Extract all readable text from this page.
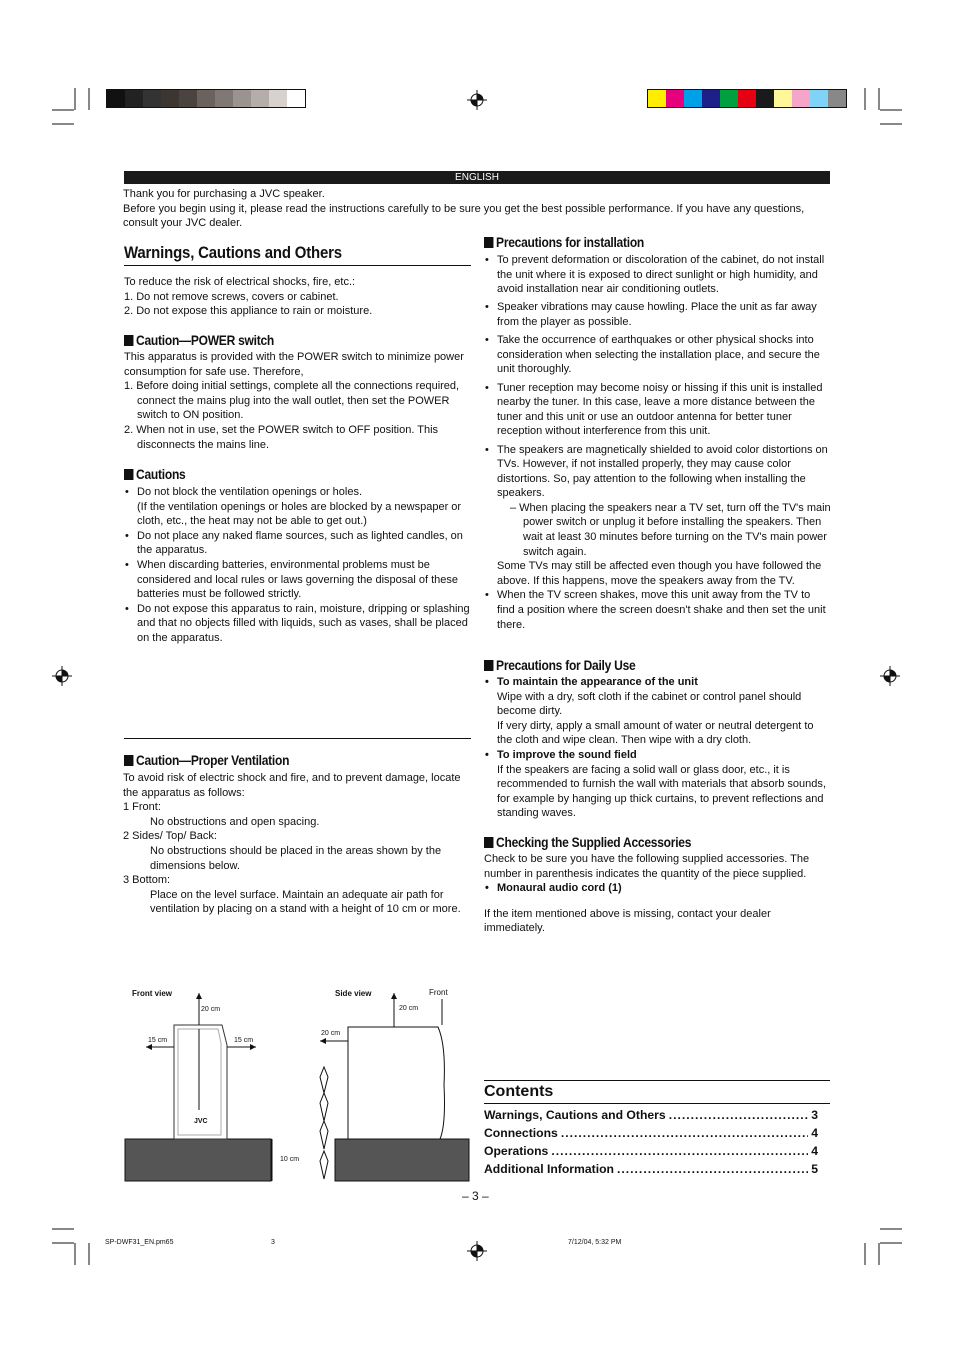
ENGLISH
Thank you for purchasing a JVC speaker.
Before you begin using it, please read the instructions carefully to be sure you get the best possible performance. If you have any questions, consult your JVC dealer.
Warnings, Cautions and Others
To reduce the risk of electrical shocks, fire, etc.:
1. Do not remove screws, covers or cabinet.
2. Do not expose this appliance to rain or moisture.
Caution—POWER switch
This apparatus is provided with the POWER switch to minimize power consumption for safe use. Therefore,
1. Before doing initial settings, complete all the connections required, connect the mains plug into the wall outlet, then set the POWER switch to ON position.
2. When not in use, set the POWER switch to OFF position. This disconnects the mains line.
Cautions
• Do not block the ventilation openings or holes.
(If the ventilation openings or holes are blocked by a newspaper or cloth, etc., the heat may not be able to get out.)
• Do not place any naked flame sources, such as lighted candles, on the apparatus.
• When discarding batteries, environmental problems must be considered and local rules or laws governing the disposal of these batteries must be followed strictly.
• Do not expose this apparatus to rain, moisture, dripping or splashing and that no objects filled with liquids, such as vases, shall be placed on the apparatus.
Caution—Proper Ventilation
To avoid risk of electric shock and fire, and to prevent damage, locate the apparatus as follows:
1 Front:
No obstructions and open spacing.
2 Sides/ Top/ Back:
No obstructions should be placed in the areas shown by the dimensions below.
3 Bottom:
Place on the level surface. Maintain an adequate air path for ventilation by placing on a stand with a height of 10 cm or more.
Front view	Side view	Front
20 cm
15 cm	15 cm
20 cm
20 cm
10 cm
JVC
Precautions for installation
• To prevent deformation or discoloration of the cabinet, do not install the unit where it is exposed to direct sunlight or high humidity, and avoid installation near air conditioning outlets.
• Speaker vibrations may cause howling. Place the unit as far away from the player as possible.
• Take the occurrence of earthquakes or other physical shocks into consideration when selecting the installation place, and secure the unit thoroughly.
• Tuner reception may become noisy or hissing if this unit is installed nearby the tuner. In this case, leave a more distance between the tuner and this unit or use an outdoor antenna for better tuner reception without interference from this unit.
• The speakers are magnetically shielded to avoid color distortions on TVs. However, if not installed properly, they may cause color distortions. So, pay attention to the following when installing the speakers.
– When placing the speakers near a TV set, turn off the TV's main power switch or unplug it before installing the speakers. Then wait at least 30 minutes before turning on the TV's main power switch again.
Some TVs may still be affected even though you have followed the above. If this happens, move the speakers away from the TV.
• When the TV screen shakes, move this unit away from the TV to find a position where the screen doesn't shake and then set the unit there.
Precautions for Daily Use
• To maintain the appearance of the unit
Wipe with a dry, soft cloth if the cabinet or control panel should become dirty.
If very dirty, apply a small amount of water or neutral detergent to the cloth and wipe clean. Then wipe with a dry cloth.
• To improve the sound field
If the speakers are facing a solid wall or glass door, etc., it is recommended to furnish the wall with materials that absorb sounds, for example by hanging up thick curtains, to prevent reflections and standing waves.
Checking the Supplied Accessories
Check to be sure you have the following supplied accessories. The number in parenthesis indicates the quantity of the piece supplied.
• Monaural audio cord (1)
If the item mentioned above is missing, contact your dealer immediately.
Contents
Warnings, Cautions and Others .....	3
Connections .....	4
Operations .....	4
Additional Information .....	5
– 3 –
SP-DWF31_EN.pm65	3	7/12/04, 5:32 PM
